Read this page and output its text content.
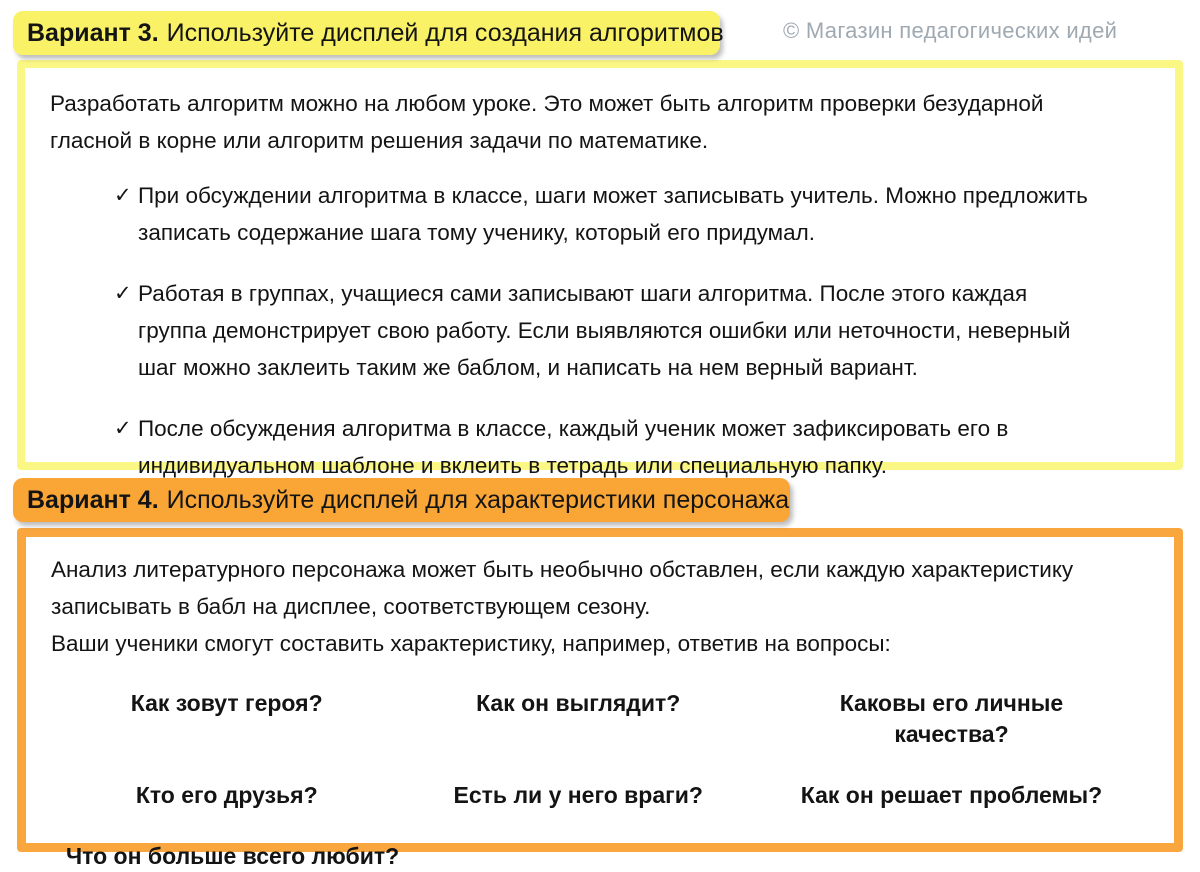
Вариант 3. Используйте дисплей для создания алгоритмов	© Магазин педагогических идей

Разработать алгоритм можно на любом уроке. Это может быть алгоритм проверки безударной гласной в корне или алгоритм решения задачи по математике.

✓ При обсуждении алгоритма в классе, шаги может записывать учитель. Можно предложить записать содержание шага тому ученику, который его придумал.
✓ Работая в группах, учащиеся сами записывают шаги алгоритма. После этого каждая группа демонстрирует свою работу. Если выявляются ошибки или неточности, неверный шаг можно заклеить таким же баблом, и написать на нем верный вариант.
✓ После обсуждения алгоритма в классе, каждый ученик может зафиксировать его в индивидуальном шаблоне и вклеить в тетрадь или специальную папку.
Вариант 4. Используйте дисплей для характеристики персонажа

Анализ литературного персонажа может быть необычно обставлен, если каждую характеристику записывать в бабл на дисплее, соответствующем сезону.

Ваши ученики смогут составить характеристику, например, ответив на вопросы:

Как зовут героя?	Как он выглядит?	Каковы его личные качества?
Кто его друзья?	Есть ли у него враги?	Как он решает проблемы?
Что он больше всего любит?
